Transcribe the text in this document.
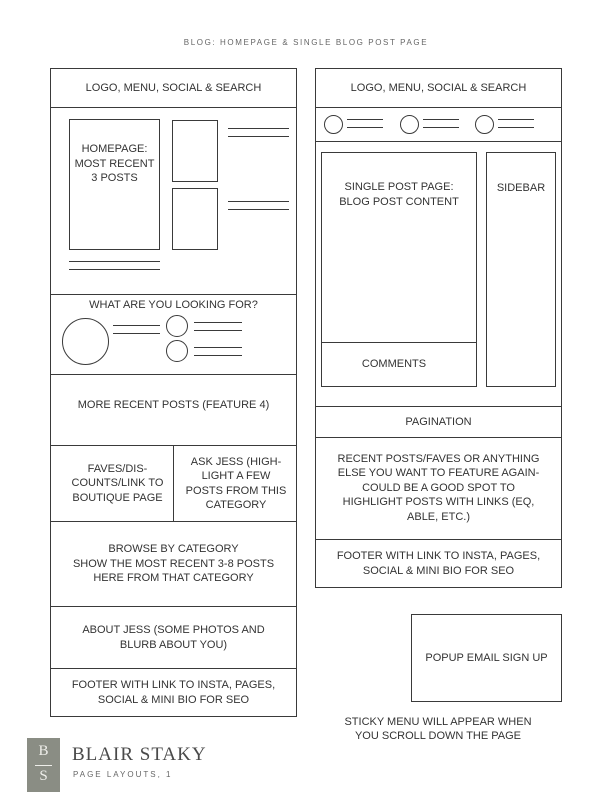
BLOG: HOMEPAGE & SINGLE BLOG POST PAGE
LOGO, MENU, SOCIAL & SEARCH
HOMEPAGE: MOST RECENT 3 POSTS
WHAT ARE YOU LOOKING FOR?
MORE RECENT POSTS (FEATURE 4)
FAVES/DIS-COUNTS/LINK TO BOUTIQUE PAGE
ASK JESS (HIGH-LIGHT A FEW POSTS FROM THIS CATEGORY
BROWSE BY CATEGORY
SHOW THE MOST RECENT 3-8 POSTS HERE FROM THAT CATEGORY
ABOUT JESS (SOME PHOTOS AND BLURB ABOUT YOU)
FOOTER WITH LINK TO INSTA, PAGES, SOCIAL & MINI BIO FOR SEO
LOGO, MENU, SOCIAL & SEARCH
SINGLE POST PAGE: BLOG POST CONTENT
COMMENTS
SIDEBAR
PAGINATION
RECENT POSTS/FAVES OR ANYTHING ELSE YOU WANT TO FEATURE AGAIN-COULD BE A GOOD SPOT TO HIGHLIGHT POSTS WITH LINKS (EQ, ABLE, ETC.)
FOOTER WITH LINK TO INSTA, PAGES, SOCIAL & MINI BIO FOR SEO
POPUP EMAIL SIGN UP
STICKY MENU WILL APPEAR WHEN YOU SCROLL DOWN THE PAGE
B
S
BLAIR STAKY
PAGE LAYOUTS, 1
